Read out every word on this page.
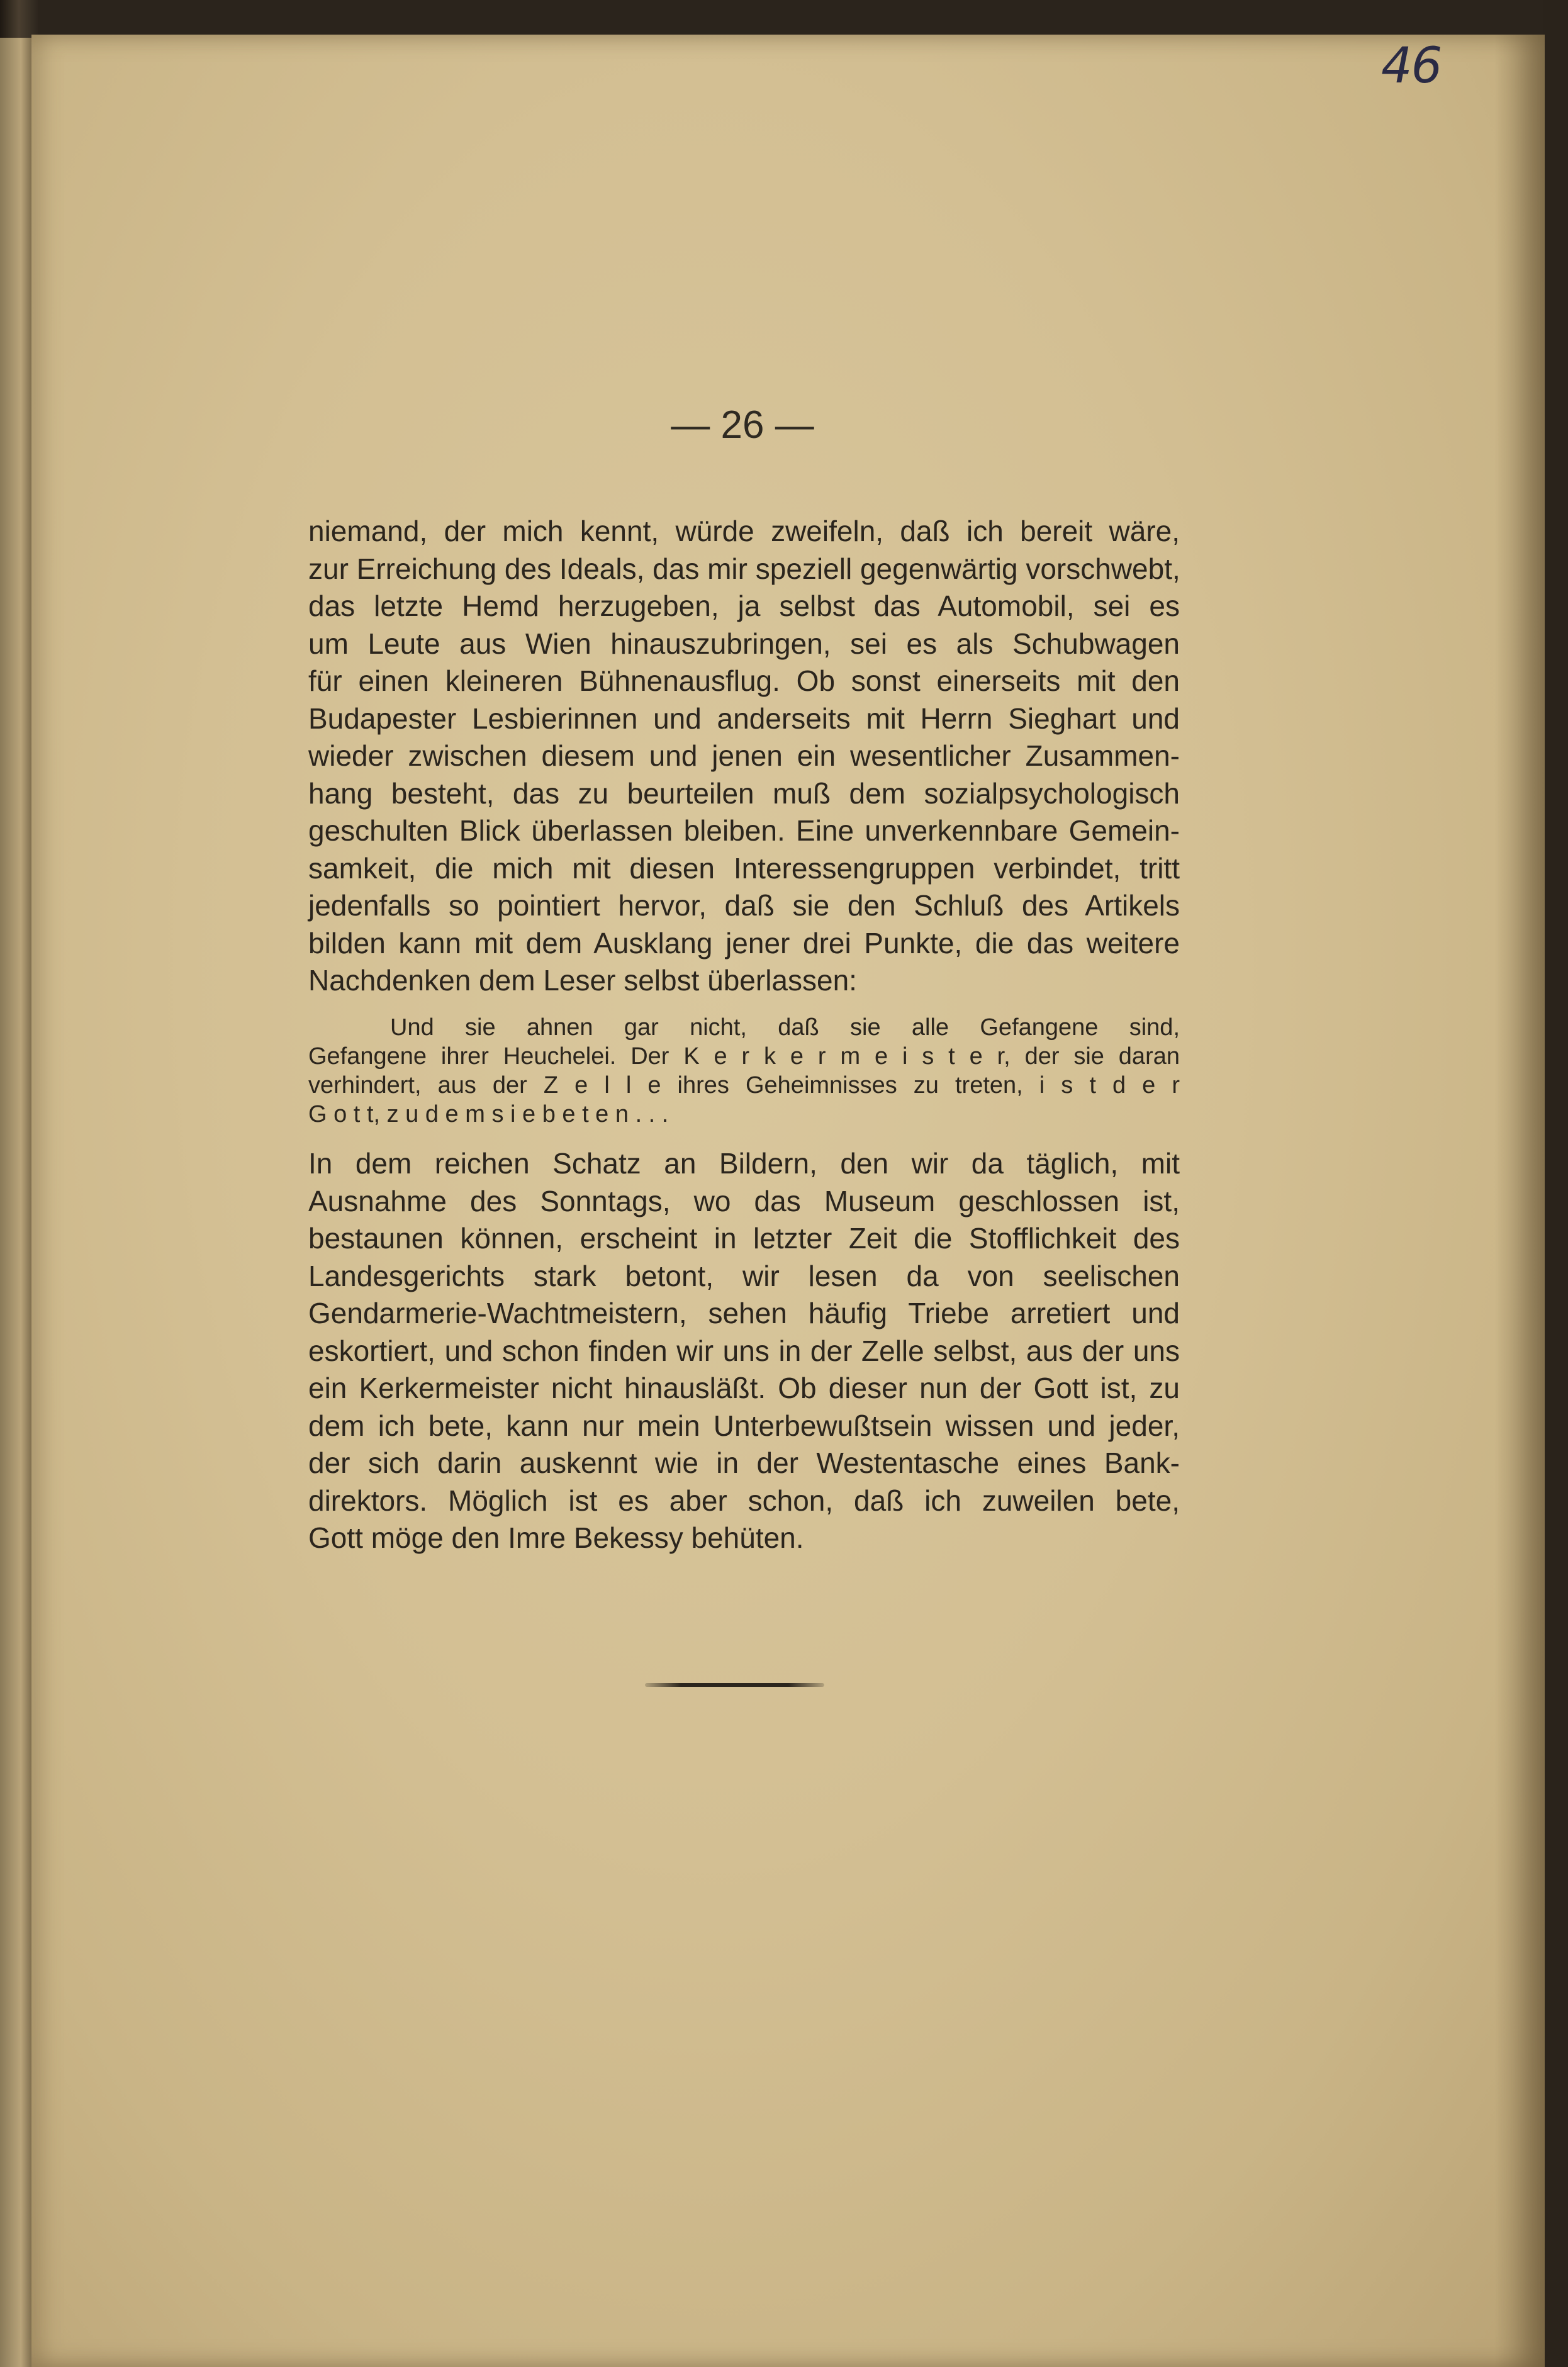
46
— 26 —
niemand, der mich kennt, würde zweifeln, daß ich bereit wäre,
zur Erreichung des Ideals, das mir speziell gegenwärtig vorschwebt,
das letzte Hemd herzugeben, ja selbst das Automobil, sei es
um Leute aus Wien hinauszubringen, sei es als Schubwagen
für einen kleineren Bühnenausflug. Ob sonst einerseits mit den
Budapester Lesbierinnen und anderseits mit Herrn Sieghart und
wieder zwischen diesem und jenen ein wesentlicher Zusammen-
hang besteht, das zu beurteilen muß dem sozialpsychologisch
geschulten Blick überlassen bleiben. Eine unverkennbare Gemein-
samkeit, die mich mit diesen Interessengruppen verbindet, tritt
jedenfalls so pointiert hervor, daß sie den Schluß des Artikels
bilden kann mit dem Ausklang jener drei Punkte, die das weitere
Nachdenken dem Leser selbst überlassen:
Und sie ahnen gar nicht, daß sie alle Gefangene sind,
Gefangene ihrer Heuchelei. Der K e r k e r m e i s t e r, der sie daran
verhindert, aus der Z e l l e ihres Geheimnisses zu treten, i s t d e r
G o t t, z u d e m s i e b e t e n . . .
In dem reichen Schatz an Bildern, den wir da täglich, mit
Ausnahme des Sonntags, wo das Museum geschlossen ist,
bestaunen können, erscheint in letzter Zeit die Stofflichkeit des
Landesgerichts stark betont, wir lesen da von seelischen
Gendarmerie-Wachtmeistern, sehen häufig Triebe arretiert und
eskortiert, und schon finden wir uns in der Zelle selbst, aus der uns
ein Kerkermeister nicht hinausläßt. Ob dieser nun der Gott ist, zu
dem ich bete, kann nur mein Unterbewußtsein wissen und jeder,
der sich darin auskennt wie in der Westentasche eines Bank-
direktors. Möglich ist es aber schon, daß ich zuweilen bete,
Gott möge den Imre Bekessy behüten.
